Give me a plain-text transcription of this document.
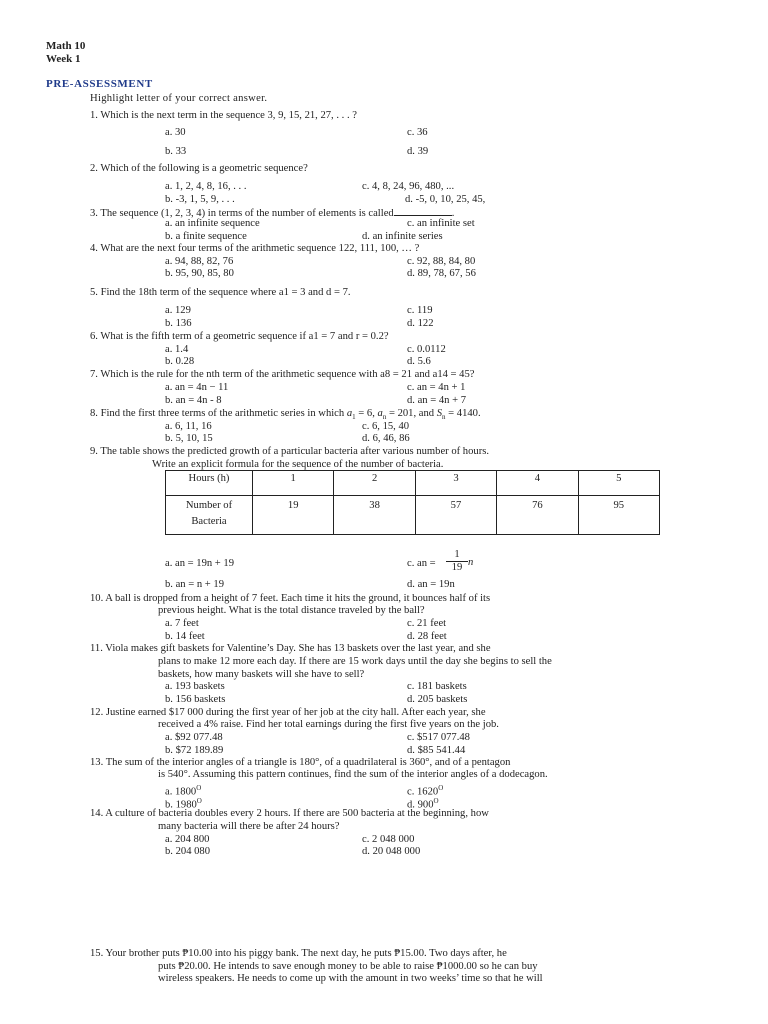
Math 10
Week 1
PRE-ASSESSMENT
Highlight letter of your correct answer.
1. Which is the next term in the sequence 3, 9, 15, 21, 27, . . . ?
a. 30	c. 36
b. 33	d. 39
2. Which of the following is a geometric sequence?
a. 1, 2, 4, 8, 16, . . .	c. 4, 8, 24, 96, 480, ...
b. -3, 1, 5, 9, . . .	d. -5, 0, 10, 25, 45,
3. The sequence (1, 2, 3, 4) in terms of the number of elements is called	.
a. an infinite sequence	c. an infinite set
b. a finite sequence	d. an infinite series
4. What are the next four terms of the arithmetic sequence 122, 111, 100, … ?
a. 94, 88, 82, 76	c. 92, 88, 84, 80
b. 95, 90, 85, 80	d. 89, 78, 67, 56
5. Find the 18th term of the sequence where a1 = 3 and d = 7.
a. 129	c. 119
b. 136	d. 122
6. What is the fifth term of a geometric sequence if a1 = 7 and r = 0.2?
a. 1.4	c. 0.0112
b. 0.28	d. 5.6
7. Which is the rule for the nth term of the arithmetic sequence with a8 = 21 and a14 = 45?
a. an = 4n − 11	c. an = 4n + 1
b. an = 4n - 8	d. an = 4n + 7
8. Find the first three terms of the arithmetic series in which $a_1 = 6$, $a_n = 201$, and $S_n = 4140$.
a. 6, 11, 16	c. 6, 15, 40
b. 5, 10, 15	d. 6, 46, 86
9. The table shows the predicted growth of a particular bacteria after various number of hours.
Write an explicit formula for the sequence of the number of bacteria.
Hours (h)	1	2	3	4	5

Number of
Bacteria	19	38	57	76	95
a. an = 19n + 19	c. an = $\frac{1}{19}$ n
b. an = n + 19	d. an = 19n
10. A ball is dropped from a height of 7 feet. Each time it hits the ground, it bounces half of its
previous height. What is the total distance traveled by the ball?
a. 7 feet	c. 21 feet
b. 14 feet	d. 28 feet
11. Viola makes gift baskets for Valentine’s Day. She has 13 baskets over the last year, and she
plans to make 12 more each day. If there are 15 work days until the day she begins to sell the
baskets, how many baskets will she have to sell?
a. 193 baskets	c. 181 baskets
b. 156 baskets	d. 205 baskets
12. Justine earned $17 000 during the first year of her job at the city hall. After each year, she
received a 4% raise. Find her total earnings during the first five years on the job.
a. $92 077.48	c. $517 077.48
b. $72 189.89	d. $85 541.44
13. The sum of the interior angles of a triangle is 180°, of a quadrilateral is 360°, and of a pentagon
is 540°. Assuming this pattern continues, find the sum of the interior angles of a dodecagon.
a. $1800^O$	c. $1620^O$
b. $1980^O$	d. $900^O$
14. A culture of bacteria doubles every 2 hours. If there are 500 bacteria at the beginning, how
many bacteria will there be after 24 hours?
a. 204 800	c. 2 048 000
b. 204 080	d. 20 048 000
15. Your brother puts ₱10.00 into his piggy bank. The next day, he puts ₱15.00. Two days after, he
puts ₱20.00. He intends to save enough money to be able to raise ₱1000.00 so he can buy
wireless speakers. He needs to come up with the amount in two weeks’ time so that he will
